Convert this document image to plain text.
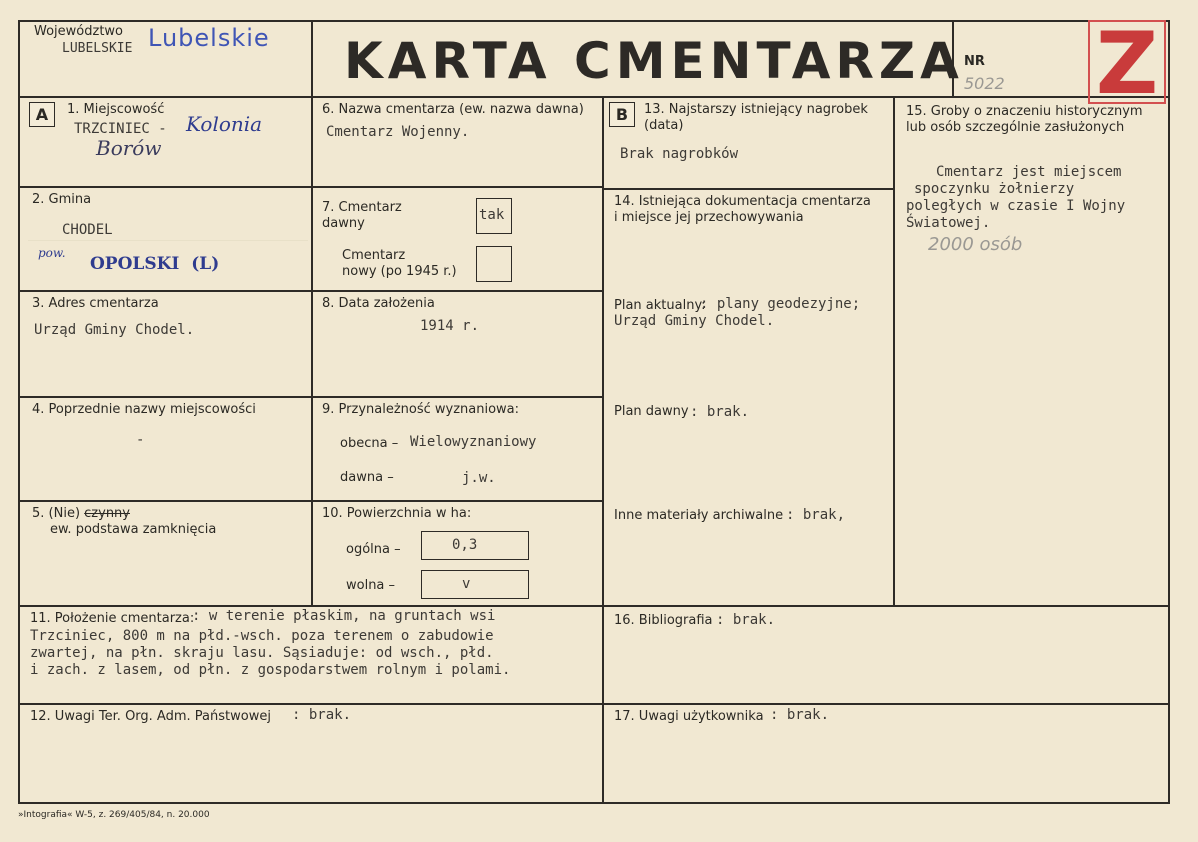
Województwo
LUBELSKIE Lubelskie KARTA CMENTARZA NR
5022 Z
A	1. Miejscowość
TRZCINIEC - Kolonia
Borów
2. Gmina
CHODEL
pow.
OPOLSKI  (L)
3. Adres cmentarza
Urząd Gminy Chodel.
4. Poprzednie nazwy miejscowości
-
5. (Nie) czynny
ew. podstawa zamknięcia
6. Nazwa cmentarza (ew. nazwa dawna)
Cmentarz Wojenny.
7. Cmentarz
dawny
tak
Cmentarz
nowy (po 1945 r.)
8. Data założenia
1914 r.
9. Przynależność wyznaniowa:
obecna – Wielowyznaniowy
dawna –	j.w.
10. Powierzchnia w ha:
ogólna –	0,3
wolna –	v
B	13. Najstarszy istniejący nagrobek
(data)
Brak nagrobków
14. Istniejąca dokumentacja cmentarza
i miejsce jej przechowywania
Plan aktualny:
: plany geodezyjne;
Urząd Gminy Chodel.
Plan dawny : brak.
Inne materiały archiwalne : brak,
15. Groby o znaczeniu historycznym
lub osób szczególnie zasłużonych
Cmentarz jest miejscem
spoczynku żołnierzy
poległych w czasie I Wojny
Światowej.
2000 osób
11. Położenie cmentarza:
: w terenie płaskim, na gruntach wsi
Trzciniec, 800 m na płd.-wsch. poza terenem o zabudowie
zwartej, na płn. skraju lasu. Sąsiaduje: od wsch., płd.
i zach. z lasem, od płn. z gospodarstwem rolnym i polami.
16. Bibliografia : brak.
12. Uwagi Ter. Org. Adm. Państwowej : brak.	17. Uwagi użytkownika : brak.
»Intografia« W-5, z. 269/405/84, n. 20.000
